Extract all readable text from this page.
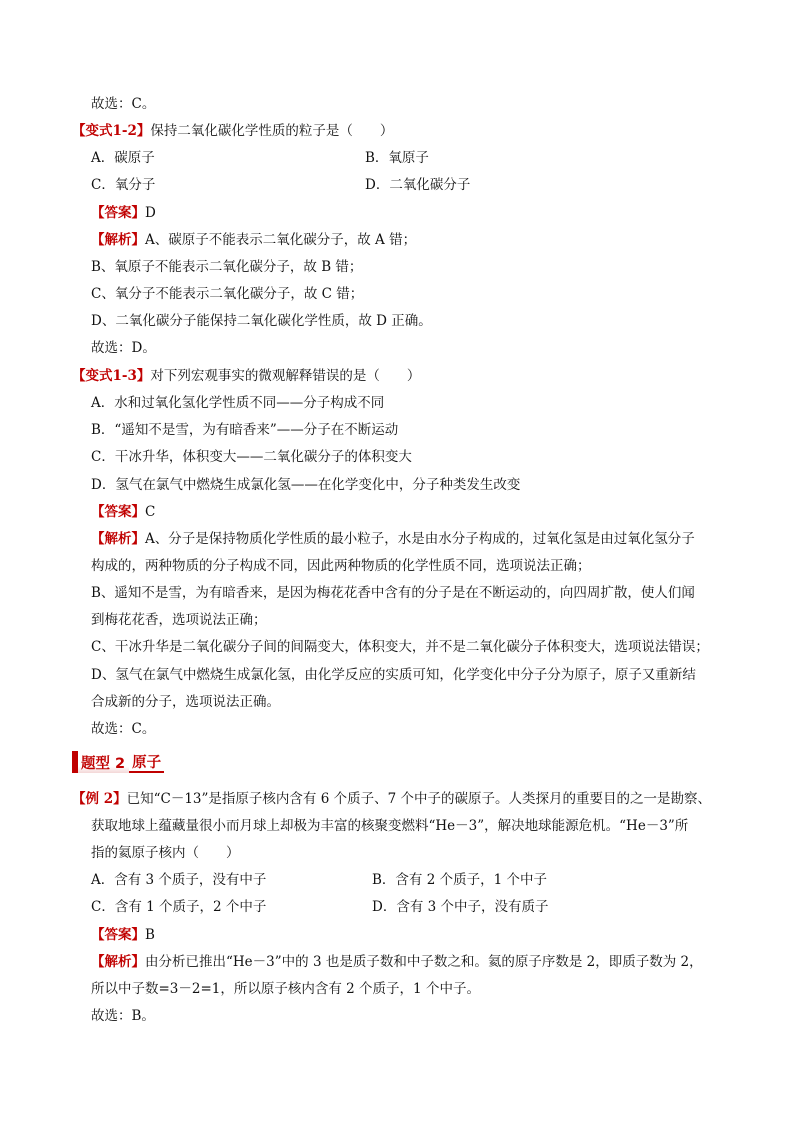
故选：C。
【变式1-2】保持二氧化碳化学性质的粒子是（　　）
A．碳原子	B．氧原子
C．氧分子	D．二氧化碳分子
【答案】D
【解析】A、碳原子不能表示二氧化碳分子，故 A 错；
B、氧原子不能表示二氧化碳分子，故 B 错；
C、氧分子不能表示二氧化碳分子，故 C 错；
D、二氧化碳分子能保持二氧化碳化学性质，故 D 正确。
故选：D。
【变式1-3】对下列宏观事实的微观解释错误的是（　　）
A．水和过氧化氢化学性质不同——分子构成不同
B．“遥知不是雪，为有暗香来”——分子在不断运动
C．干冰升华，体积变大——二氧化碳分子的体积变大
D．氢气在氯气中燃烧生成氯化氢——在化学变化中，分子种类发生改变
【答案】C
【解析】A、分子是保持物质化学性质的最小粒子，水是由水分子构成的，过氧化氢是由过氧化氢分子
构成的，两种物质的分子构成不同，因此两种物质的化学性质不同，选项说法正确；
B、遥知不是雪，为有暗香来，是因为梅花花香中含有的分子是在不断运动的，向四周扩散，使人们闻
到梅花花香，选项说法正确；
C、干冰升华是二氧化碳分子间的间隔变大，体积变大，并不是二氧化碳分子体积变大，选项说法错误；
D、氢气在氯气中燃烧生成氯化氢，由化学反应的实质可知，化学变化中分子分为原子，原子又重新结
合成新的分子，选项说法正确。
故选：C。
题型 2 原子
【例 2】已知“C－13”是指原子核内含有 6 个质子、7 个中子的碳原子。人类探月的重要目的之一是勘察、
获取地球上蕴藏量很小而月球上却极为丰富的核聚变燃料“He－3”，解决地球能源危机。“He－3”所
指的氦原子核内（　　）
A．含有 3 个质子，没有中子	B．含有 2 个质子，1 个中子
C．含有 1 个质子，2 个中子	D．含有 3 个中子，没有质子
【答案】B
【解析】由分析已推出“He－3”中的 3 也是质子数和中子数之和。氦的原子序数是 2，即质子数为 2，
所以中子数=3－2=1，所以原子核内含有 2 个质子，1 个中子。
故选：B。
